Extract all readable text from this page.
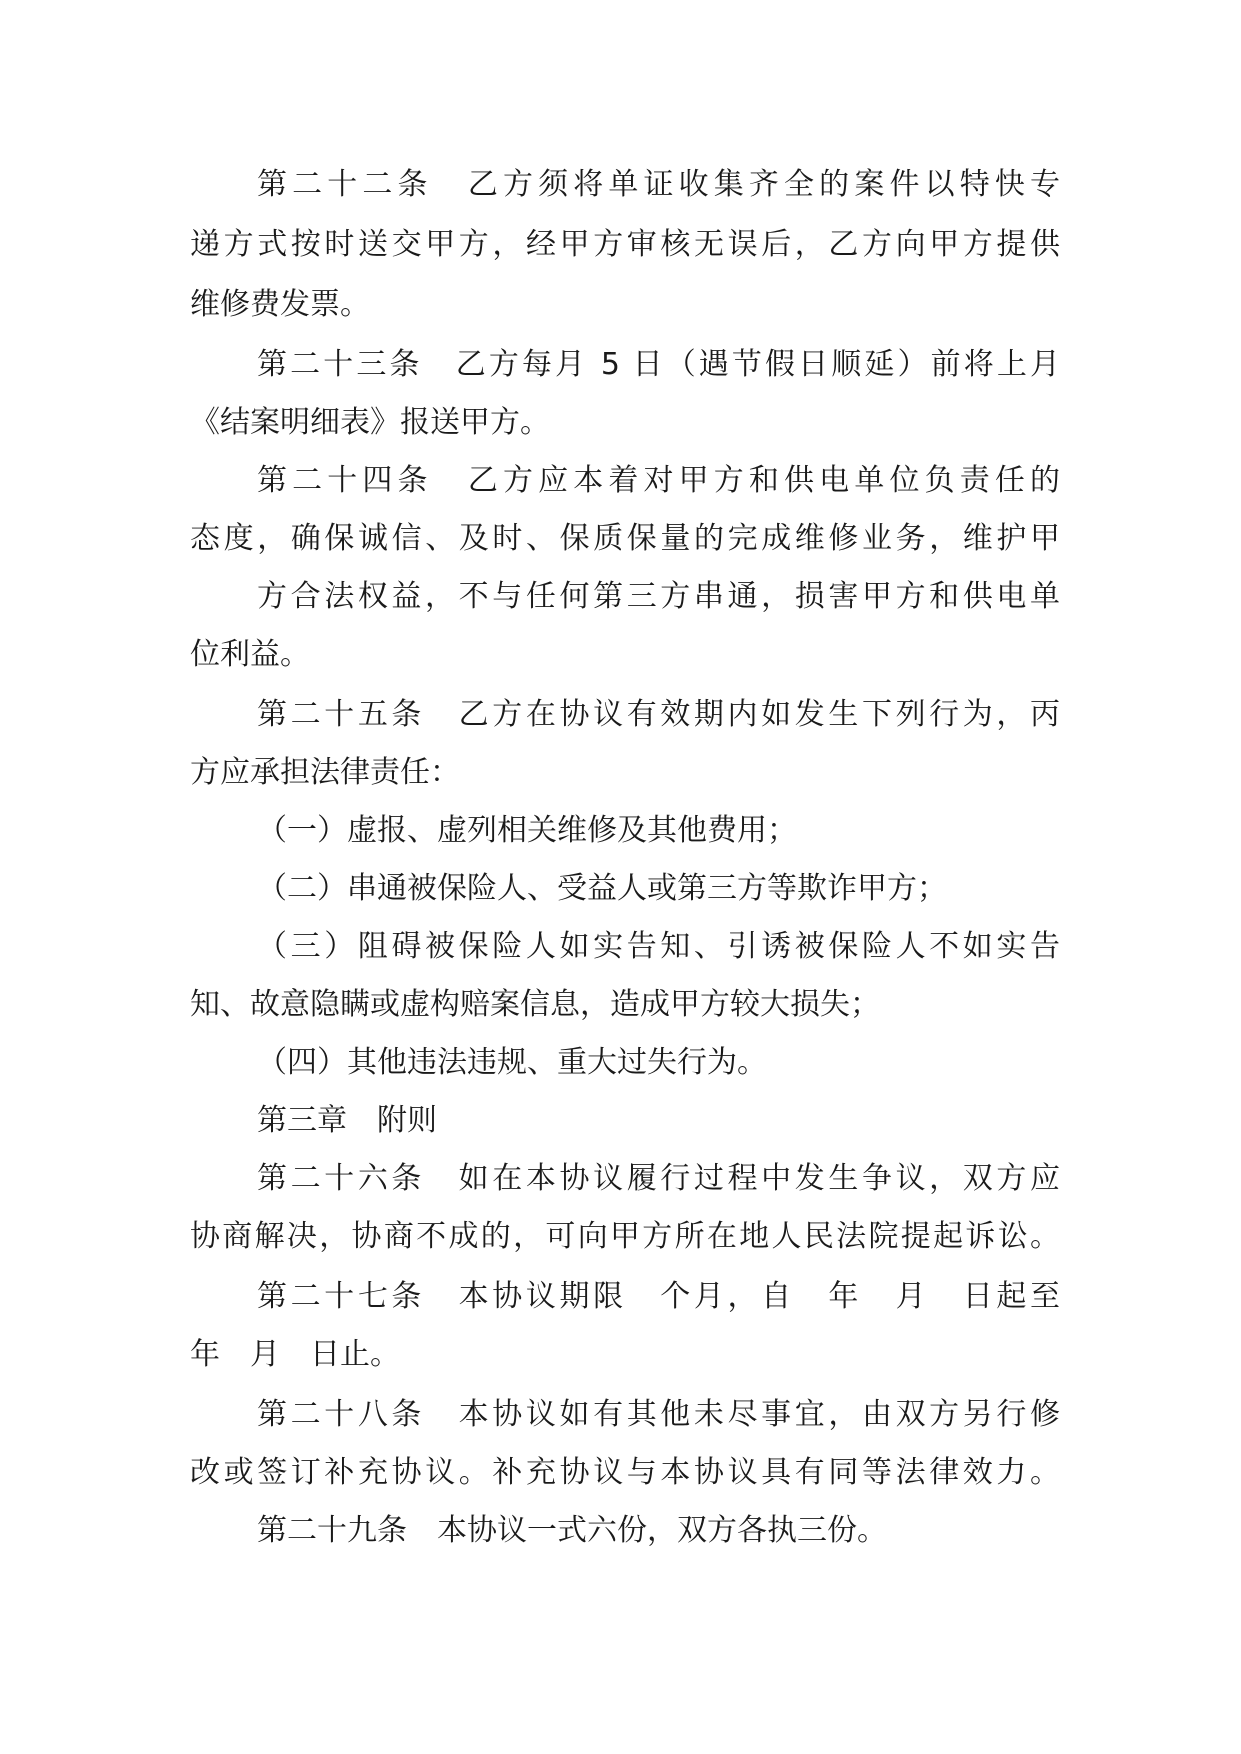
第二十二条　乙方须将单证收集齐全的案件以特快专
递方式按时送交甲方，经甲方审核无误后，乙方向甲方提供
维修费发票。
第二十三条　乙方每月 5 日（遇节假日顺延）前将上月
《结案明细表》报送甲方。
第二十四条　乙方应本着对甲方和供电单位负责任的
态度，确保诚信、及时、保质保量的完成维修业务，维护甲
方合法权益，不与任何第三方串通，损害甲方和供电单
位利益。
第二十五条　乙方在协议有效期内如发生下列行为，丙
方应承担法律责任：
（一）虚报、虚列相关维修及其他费用；
（二）串通被保险人、受益人或第三方等欺诈甲方；
（三）阻碍被保险人如实告知、引诱被保险人不如实告
知、故意隐瞒或虚构赔案信息，造成甲方较大损失；
（四）其他违法违规、重大过失行为。
第三章　附则
第二十六条　如在本协议履行过程中发生争议，双方应
协商解决，协商不成的，可向甲方所在地人民法院提起诉讼。
第二十七条　本协议期限　个月，自　年　月　日起至
年　月　日止。
第二十八条　本协议如有其他未尽事宜，由双方另行修
改或签订补充协议。补充协议与本协议具有同等法律效力。
第二十九条　本协议一式六份，双方各执三份。
